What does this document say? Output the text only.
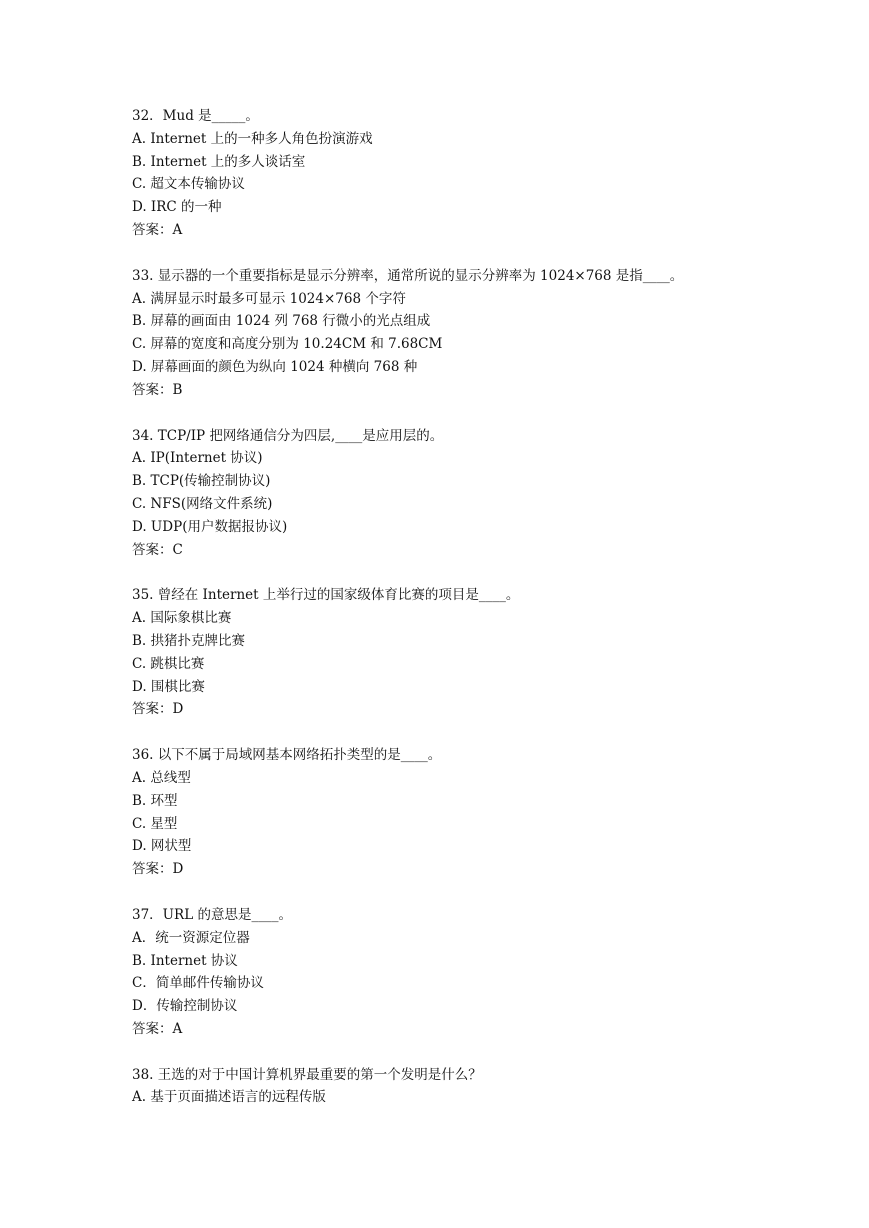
32．Mud 是_____。
A. Internet 上的一种多人角色扮演游戏
B. Internet 上的多人谈话室
C. 超文本传输协议
D. IRC 的一种
答案：A
33. 显示器的一个重要指标是显示分辨率，通常所说的显示分辨率为 1024×768 是指____。
A. 满屏显示时最多可显示 1024×768 个字符
B. 屏幕的画面由 1024 列 768 行微小的光点组成
C. 屏幕的宽度和高度分别为 10.24CM 和 7.68CM
D. 屏幕画面的颜色为纵向 1024 种横向 768 种
答案：B
34. TCP/IP 把网络通信分为四层,____是应用层的。
A. IP(Internet 协议)
B. TCP(传输控制协议)
C. NFS(网络文件系统)
D. UDP(用户数据报协议)
答案：C
35. 曾经在 Internet 上举行过的国家级体育比赛的项目是____。
A. 国际象棋比赛
B. 拱猪扑克牌比赛
C. 跳棋比赛
D. 围棋比赛
答案：D
36. 以下不属于局域网基本网络拓扑类型的是____。
A. 总线型
B. 环型
C. 星型
D. 网状型
答案：D
37．URL 的意思是____。
A．统一资源定位器
B. Internet 协议
C．简单邮件传输协议
D．传输控制协议
答案：A
38. 王选的对于中国计算机界最重要的第一个发明是什么？
A. 基于页面描述语言的远程传版
